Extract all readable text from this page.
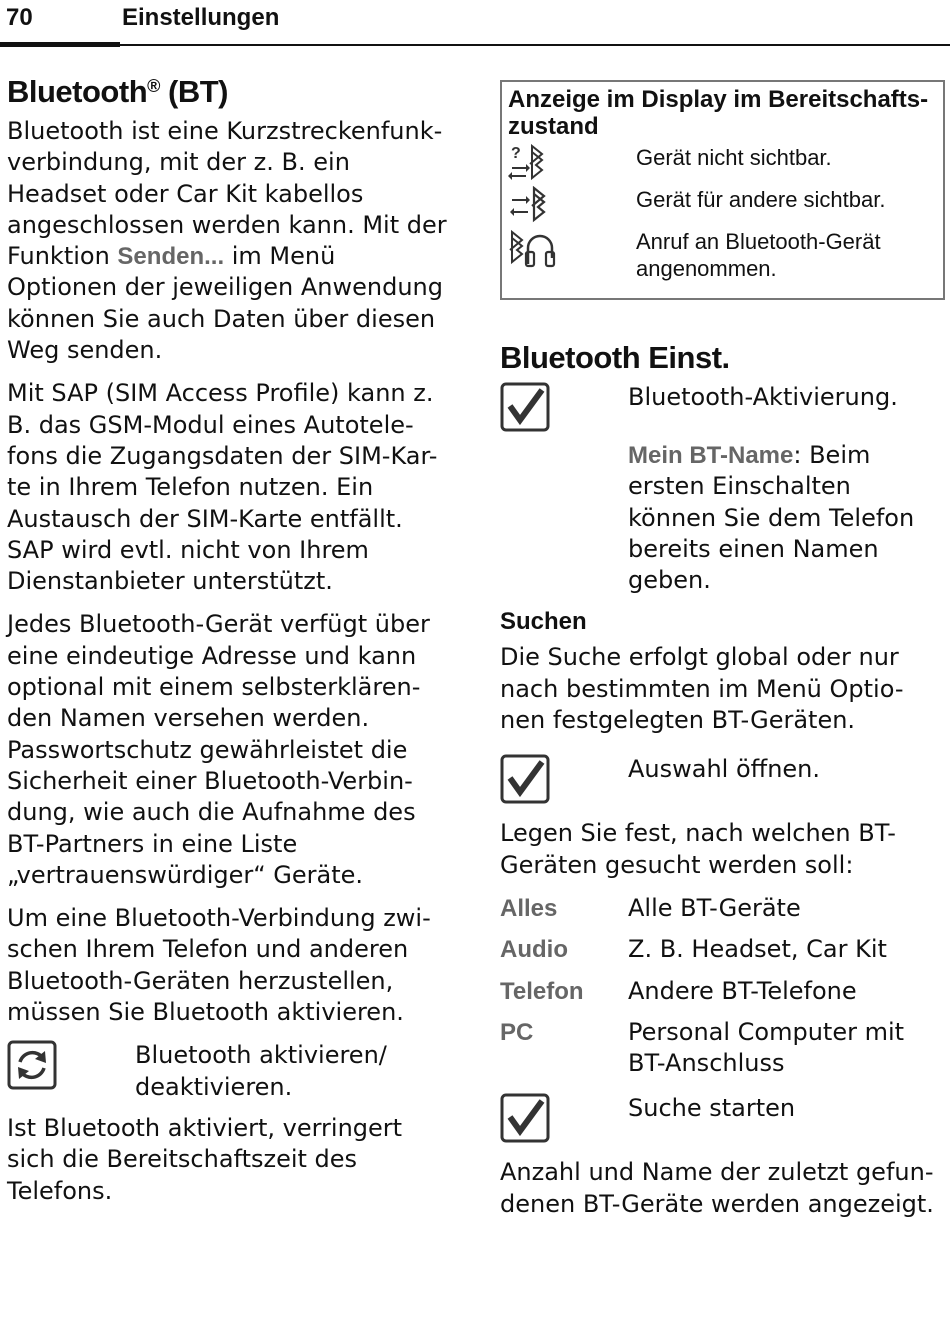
70	Einstellungen
Bluetooth® (BT)

Bluetooth ist eine Kurzstreckenfunk-verbindung, mit der z. B. ein Headset oder Car Kit kabellos angeschlossen werden kann. Mit der Funktion Senden... im Menü Optionen der jeweiligen Anwendung können Sie auch Daten über diesen Weg senden.

Mit SAP (SIM Access Profile) kann z. B. das GSM-Modul eines Autotele-fons die Zugangsdaten der SIM-Kar-te in Ihrem Telefon nutzen. Ein Austausch der SIM-Karte entfällt. SAP wird evtl. nicht von Ihrem Dienstanbieter unterstützt.

Jedes Bluetooth-Gerät verfügt über eine eindeutige Adresse und kann optional mit einem selbsterklären-den Namen versehen werden. Passwortschutz gewährleistet die Sicherheit einer Bluetooth-Verbin-dung, wie auch die Aufnahme des BT-Partners in eine Liste „vertrauenswürdiger“ Geräte.

Um eine Bluetooth-Verbindung zwi-schen Ihrem Telefon und anderen Bluetooth-Geräten herzustellen, müssen Sie Bluetooth aktivieren.

Bluetooth aktivieren/ deaktivieren.

Ist Bluetooth aktiviert, verringert sich die Bereitschaftszeit des Telefons.

Anzeige im Display im Bereitschafts-zustand
?	Gerät nicht sichtbar.
Gerät für andere sichtbar.
Anruf an Bluetooth-Gerät angenommen.
Bluetooth Einst.
Bluetooth-Aktivierung.
Mein BT-Name: Beim ersten Einschalten können Sie dem Telefon bereits einen Namen geben.
Suchen

Die Suche erfolgt global oder nur nach bestimmten im Menü Optio-nen festgelegten BT-Geräten.

Auswahl öffnen.

Legen Sie fest, nach welchen BT-Geräten gesucht werden soll:

Alles	Alle BT-Geräte
Audio	Z. B. Headset, Car Kit
Telefon	Andere BT-Telefone
PC	Personal Computer mit BT-Anschluss
Suche starten

Anzahl und Name der zuletzt gefun-denen BT-Geräte werden angezeigt.
